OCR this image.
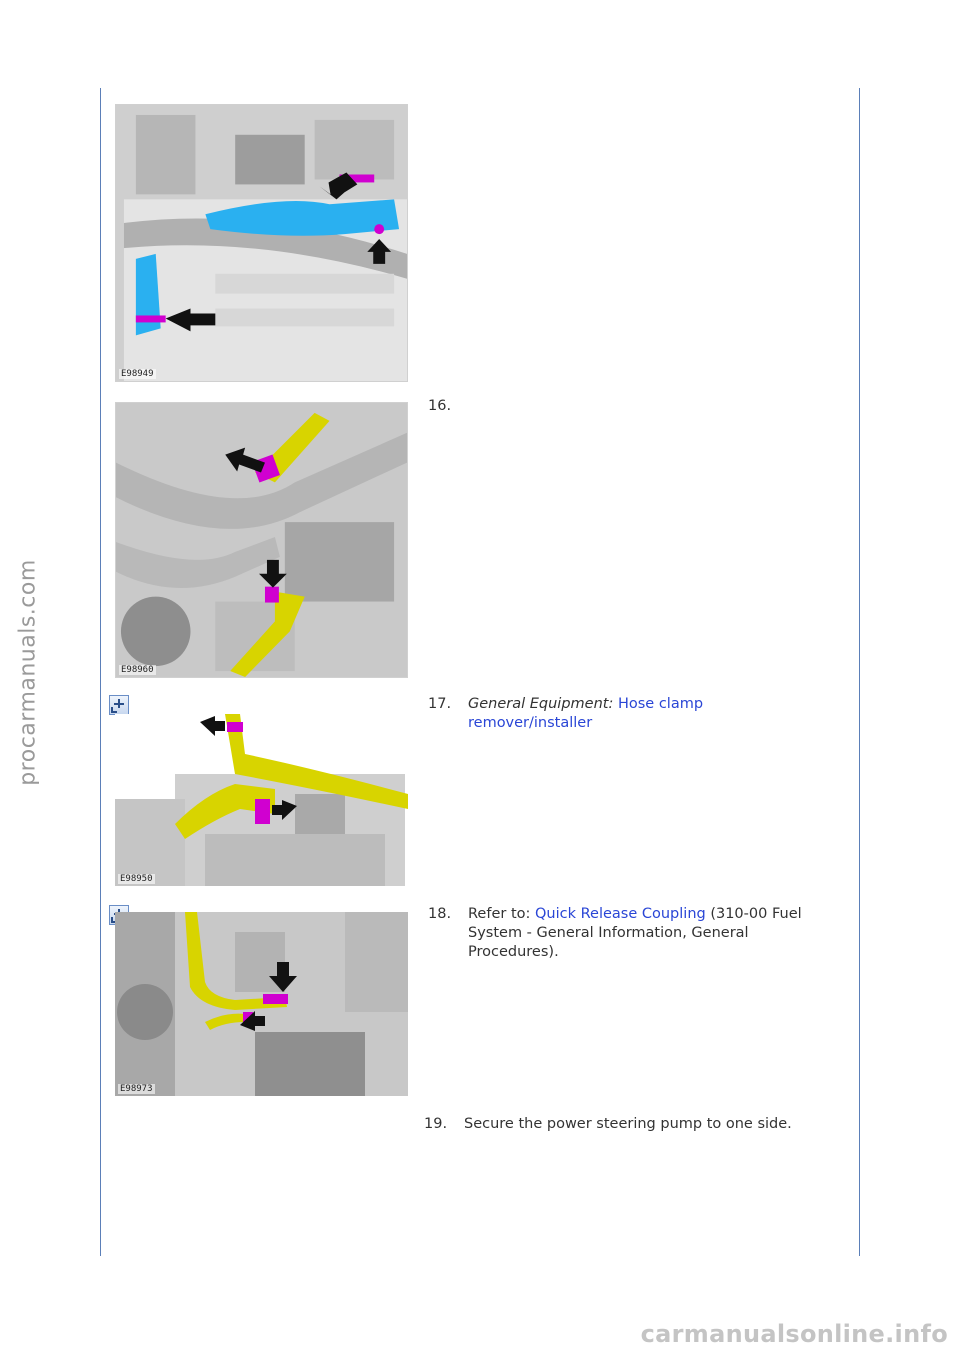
procarmanuals.com
E98949
16.
E98960
E98950
17. General Equipment: Hose clamp
remover/installer
E98973
18. Refer to: Quick Release Coupling (310-00 Fuel
System - General Information, General
Procedures).
19. Secure the power steering pump to one side.
carmanualsonline.info
